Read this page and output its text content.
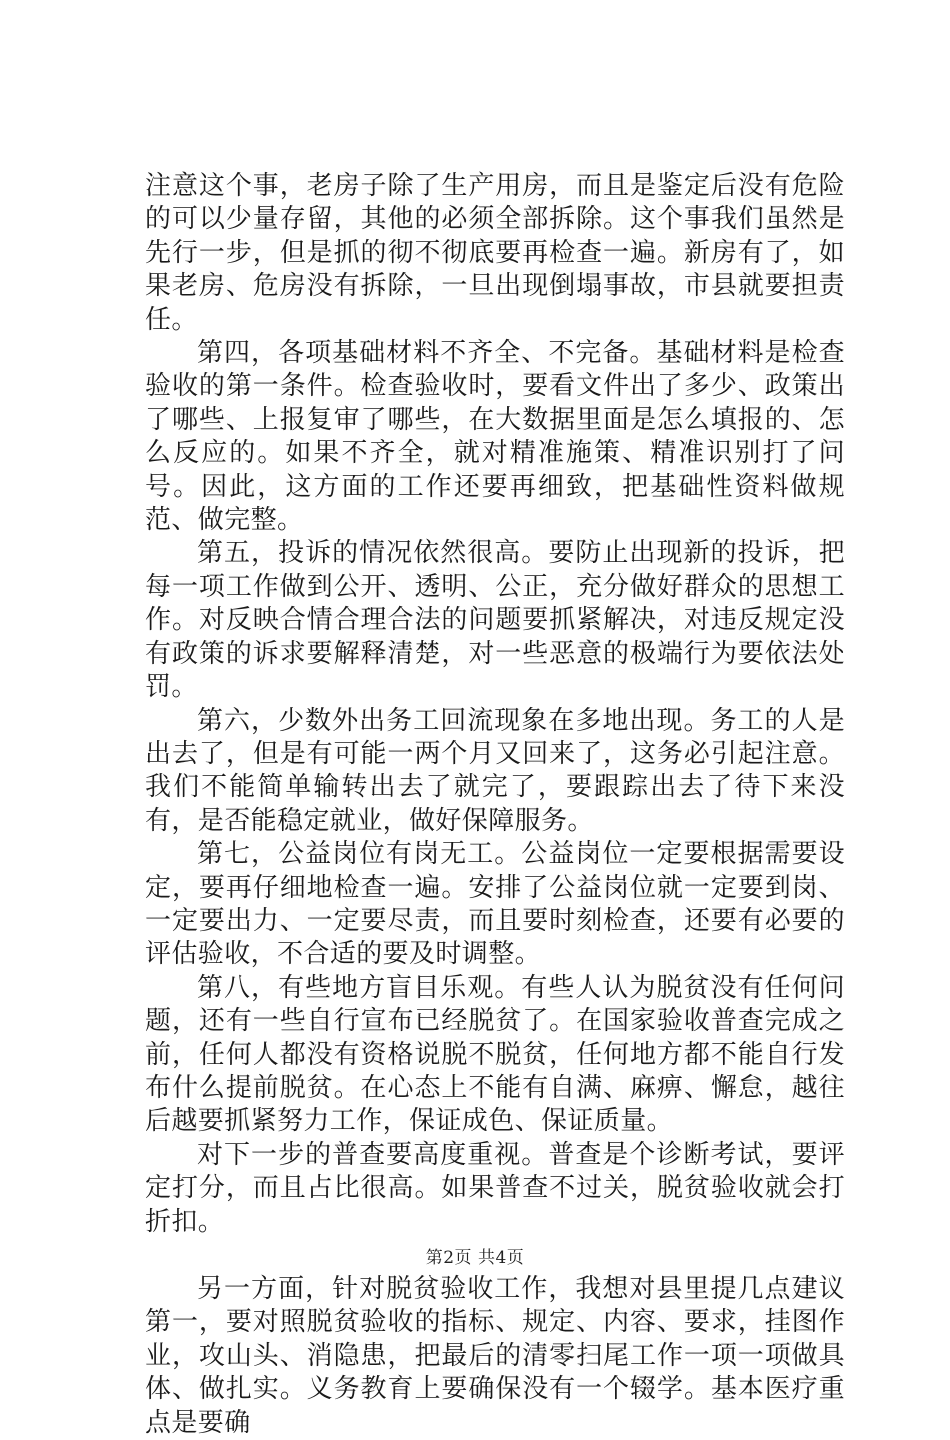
注意这个事，老房子除了生产用房，而且是鉴定后没有危险的可以少量存留，其他的必须全部拆除。这个事我们虽然是先行一步，但是抓的彻不彻底要再检查一遍。新房有了，如果老房、危房没有拆除，一旦出现倒塌事故，市县就要担责任。

第四，各项基础材料不齐全、不完备。基础材料是检查验收的第一条件。检查验收时，要看文件出了多少、政策出了哪些、上报复审了哪些，在大数据里面是怎么填报的、怎么反应的。如果不齐全，就对精准施策、精准识别打了问号。因此，这方面的工作还要再细致，把基础性资料做规范、做完整。

第五，投诉的情况依然很高。要防止出现新的投诉，把每一项工作做到公开、透明、公正，充分做好群众的思想工作。对反映合情合理合法的问题要抓紧解决，对违反规定没有政策的诉求要解释清楚，对一些恶意的极端行为要依法处罚。

第六，少数外出务工回流现象在多地出现。务工的人是出去了，但是有可能一两个月又回来了，这务必引起注意。我们不能简单输转出去了就完了，要跟踪出去了待下来没有，是否能稳定就业，做好保障服务。

第七，公益岗位有岗无工。公益岗位一定要根据需要设定，要再仔细地检查一遍。安排了公益岗位就一定要到岗、一定要出力、一定要尽责，而且要时刻检查，还要有必要的评估验收，不合适的要及时调整。

第八，有些地方盲目乐观。有些人认为脱贫没有任何问题，还有一些自行宣布已经脱贫了。在国家验收普查完成之前，任何人都没有资格说脱不脱贫，任何地方都不能自行发布什么提前脱贫。在心态上不能有自满、麻痹、懈怠，越往后越要抓紧努力工作，保证成色、保证质量。

对下一步的普查要高度重视。普查是个诊断考试，要评定打分，而且占比很高。如果普查不过关，脱贫验收就会打折扣。

另一方面，针对脱贫验收工作，我想对县里提几点建议第一，要对照脱贫验收的指标、规定、内容、要求，挂图作业，攻山头、消隐患，把最后的清零扫尾工作一项一项做具体、做扎实。义务教育上要确保没有一个辍学。基本医疗重点是要确

第2页 共4页
